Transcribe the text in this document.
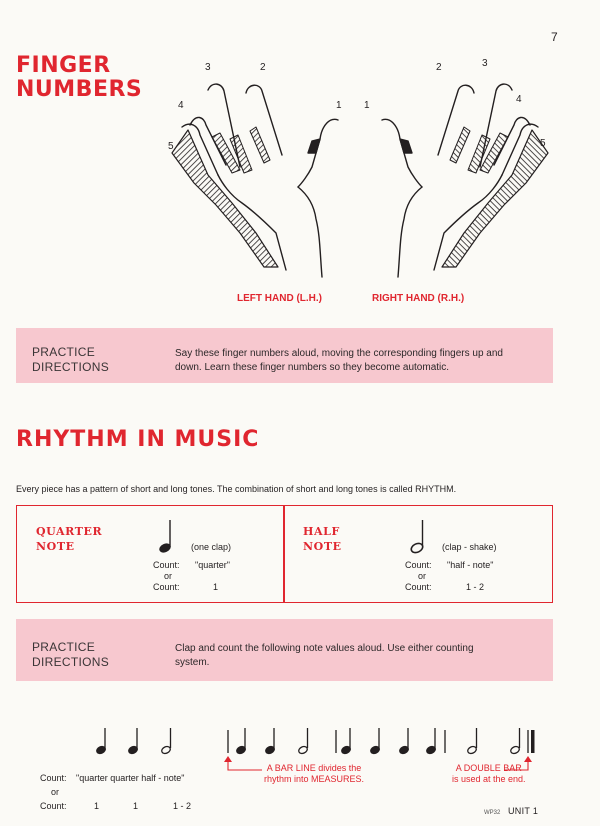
7
FINGER
NUMBERS
3	2
4
5
1 1
2	3
4
5
LEFT HAND (L.H.)	RIGHT HAND (R.H.)
PRACTICE
DIRECTIONS
Say these finger numbers aloud, moving the corresponding fingers up and
down. Learn these finger numbers so they become automatic.
RHYTHM IN MUSIC
Every piece has a pattern of short and long tones. The combination of short and long tones is called RHYTHM.
QUARTER
NOTE	(one clap)
Count: "quarter"
or
Count:	1
HALF
NOTE	(clap - shake)
Count: "half - note"
or
Count:	1 - 2
PRACTICE
DIRECTIONS
Clap and count the following note values aloud. Use either counting
system.
A BAR LINE divides the
rhythm into MEASURES.
A DOUBLE BAR
is used at the end.
Count: "quarter quarter half - note"
or
Count:	1	1	1 - 2
WP32 UNIT 1
